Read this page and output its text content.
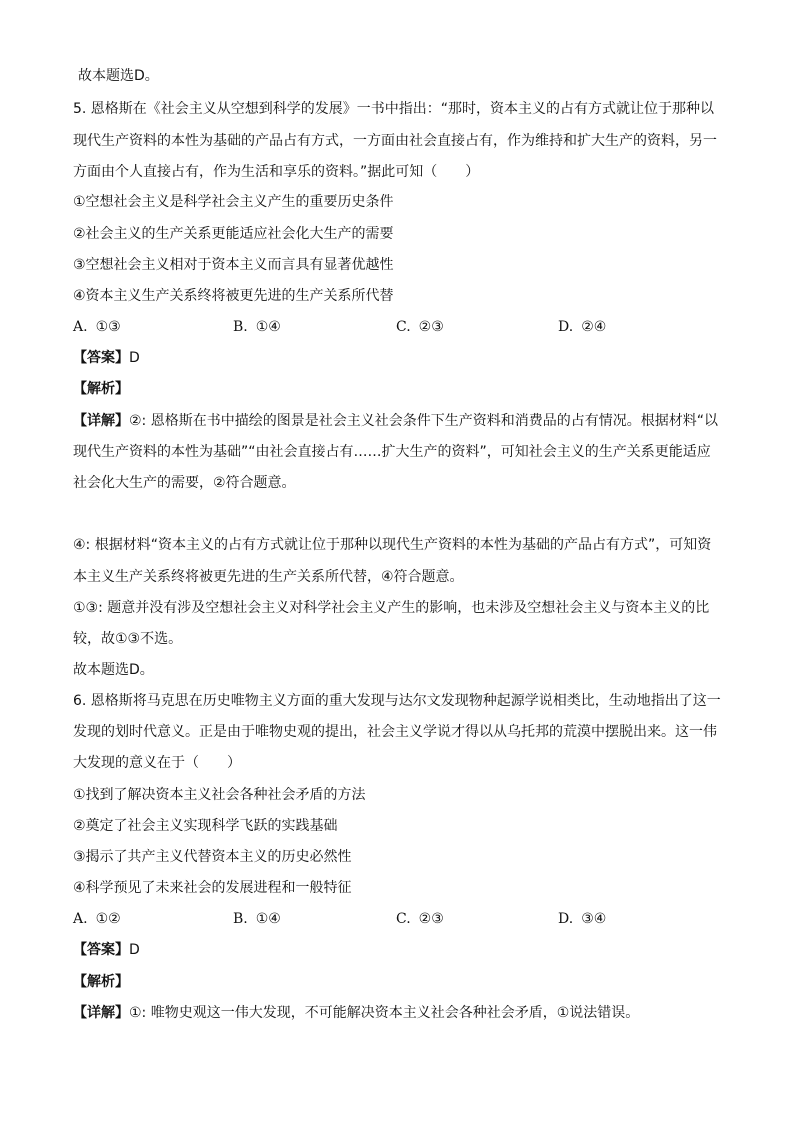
故本题选D。
5. 恩格斯在《社会主义从空想到科学的发展》一书中指出：“那时，资本主义的占有方式就让位于那种以
现代生产资料的本性为基础的产品占有方式，一方面由社会直接占有，作为维持和扩大生产的资料，另一
方面由个人直接占有，作为生活和享乐的资料。”据此可知（　　）
①空想社会主义是科学社会主义产生的重要历史条件
②社会主义的生产关系更能适应社会化大生产的需要
③空想社会主义相对于资本主义而言具有显著优越性
④资本主义生产关系终将被更先进的生产关系所代替
A. ①③	B. ①④	C. ②③	D. ②④
【答案】D
【解析】
【详解】②: 恩格斯在书中描绘的图景是社会主义社会条件下生产资料和消费品的占有情况。根据材料“以
现代生产资料的本性为基础”“由社会直接占有……扩大生产的资料”，可知社会主义的生产关系更能适应
社会化大生产的需要，②符合题意。
④: 根据材料“资本主义的占有方式就让位于那种以现代生产资料的本性为基础的产品占有方式”，可知资
本主义生产关系终将被更先进的生产关系所代替，④符合题意。
①③: 题意并没有涉及空想社会主义对科学社会主义产生的影响，也未涉及空想社会主义与资本主义的比
较，故①③不选。
故本题选D。
6. 恩格斯将马克思在历史唯物主义方面的重大发现与达尔文发现物种起源学说相类比，生动地指出了这一
发现的划时代意义。正是由于唯物史观的提出，社会主义学说才得以从乌托邦的荒漠中摆脱出来。这一伟
大发现的意义在于（　　）
①找到了解决资本主义社会各种社会矛盾的方法
②奠定了社会主义实现科学飞跃的实践基础
③揭示了共产主义代替资本主义的历史必然性
④科学预见了未来社会的发展进程和一般特征
A. ①②	B. ①④	C. ②③	D. ③④
【答案】D
【解析】
【详解】①: 唯物史观这一伟大发现，不可能解决资本主义社会各种社会矛盾，①说法错误。
